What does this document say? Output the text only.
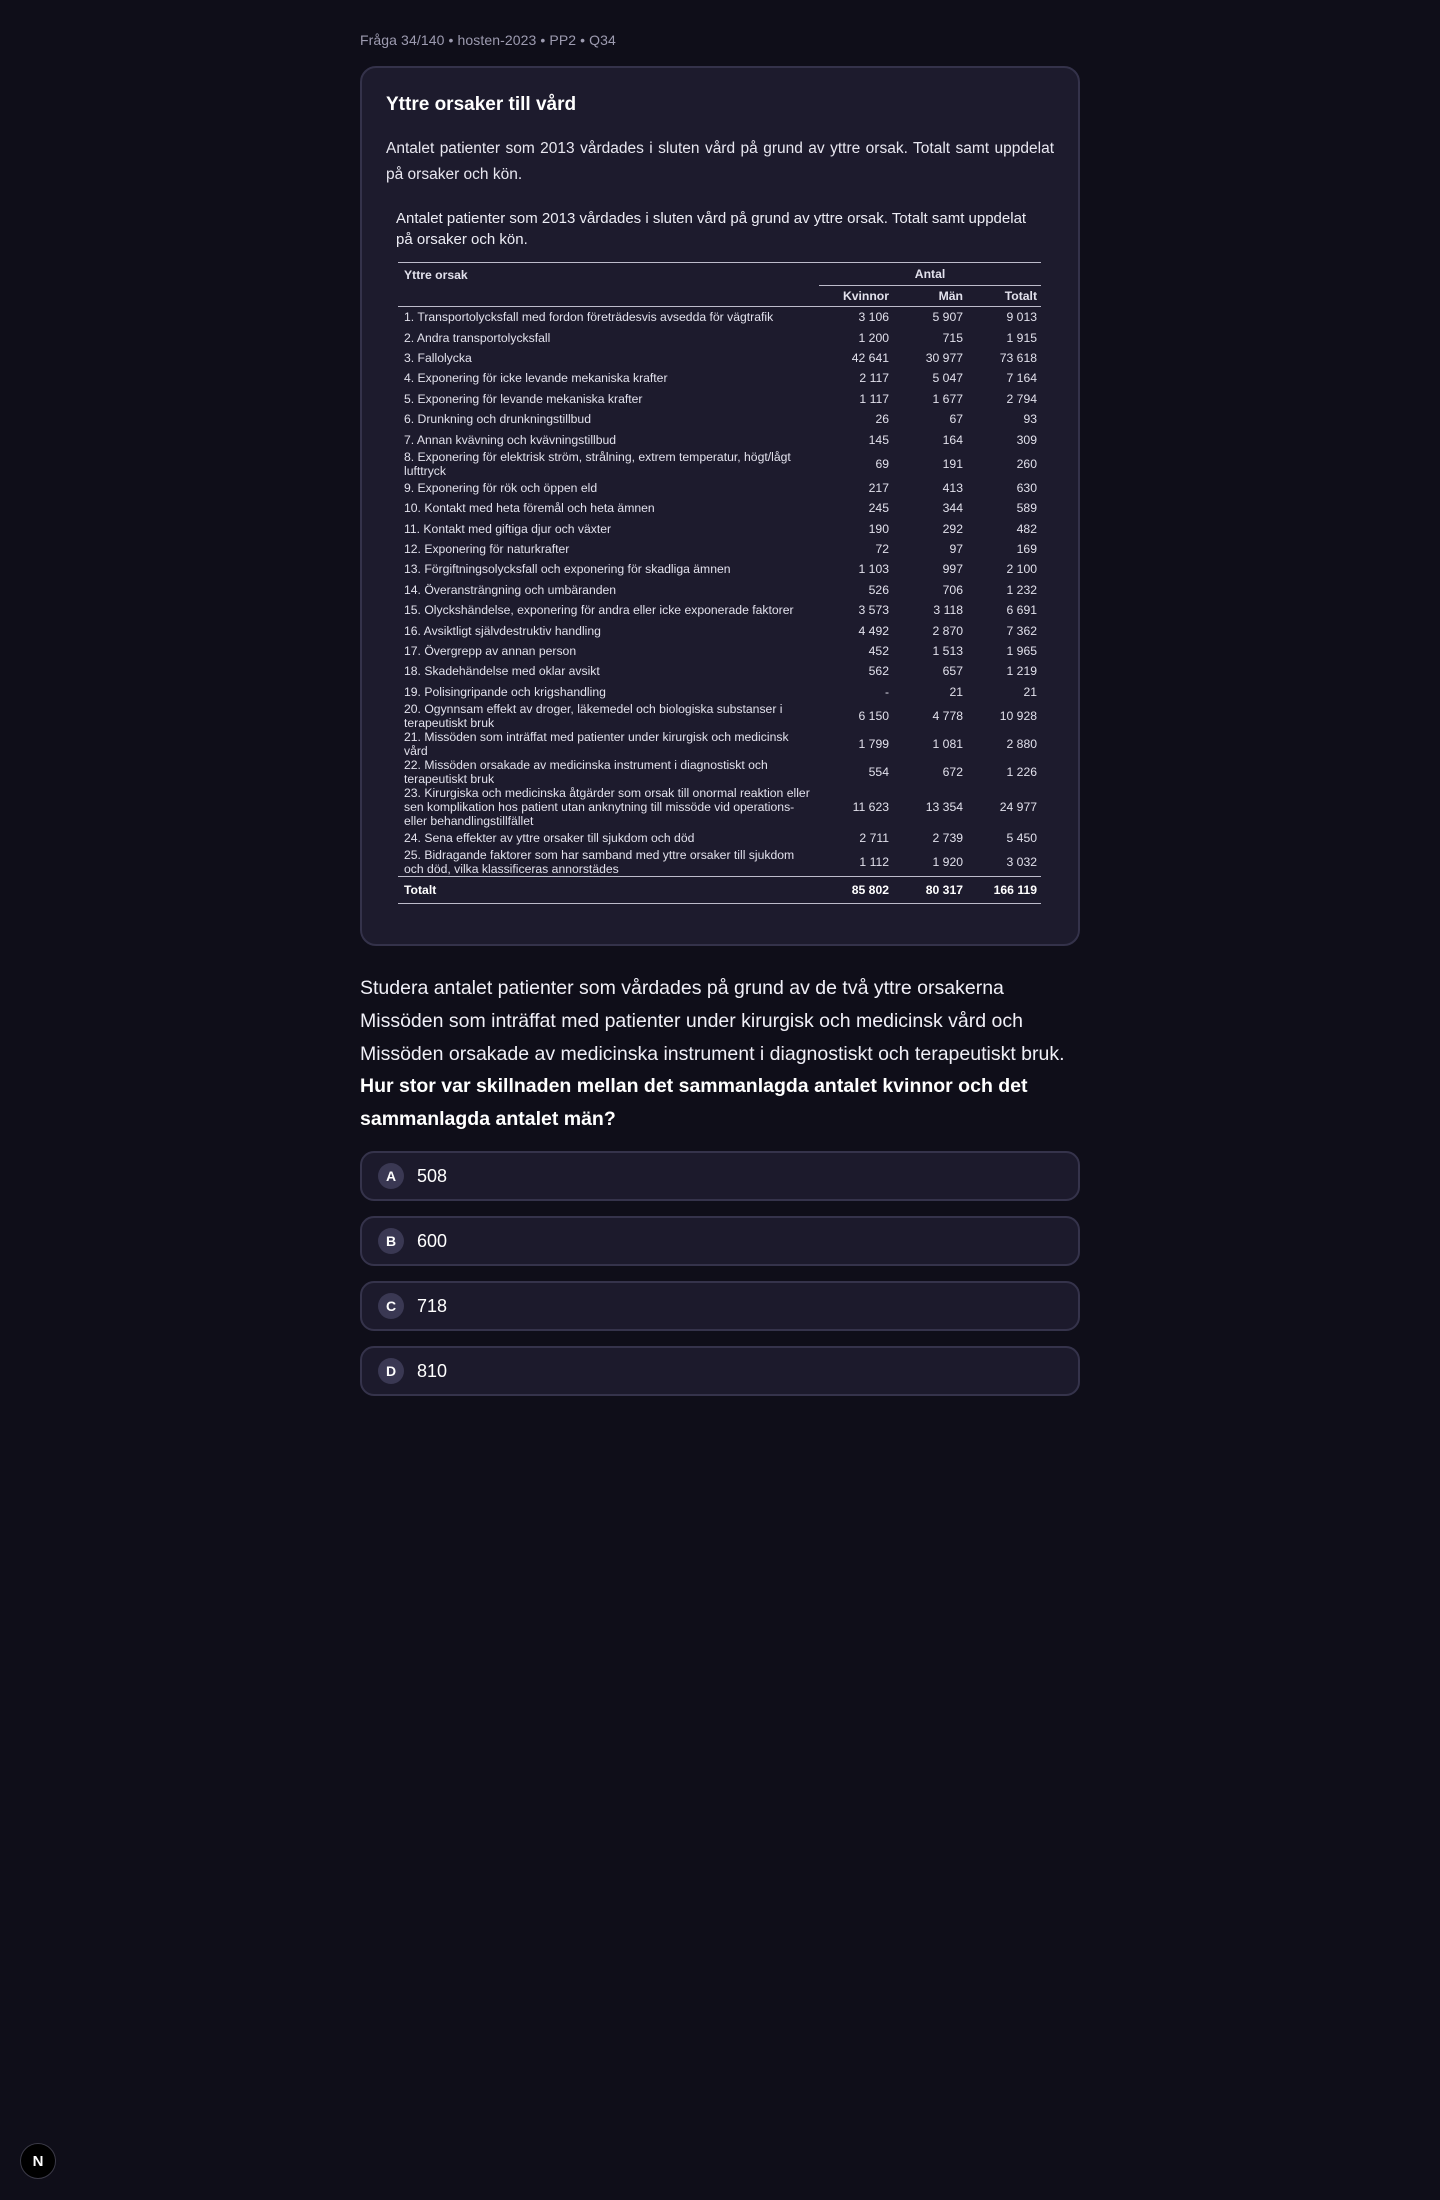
Fråga 34/140 • hosten-2023 • PP2 • Q34
Yttre orsaker till vård

Antalet patienter som 2013 vårdades i sluten vård på grund av yttre orsak. Totalt samt uppdelat på orsaker och kön.

Antalet patienter som 2013 vårdades i sluten vård på grund av yttre orsak. Totalt samt uppdelat på orsaker och kön.

Yttre orsak	Antal		
	Kvinnor	Män	Totalt
1. Transportolycksfall med fordon företrädesvis avsedda för vägtrafik	3 106	5 907	9 013
2. Andra transportolycksfall	1 200	715	1 915
3. Fallolycka	42 641	30 977	73 618
4. Exponering för icke levande mekaniska krafter	2 117	5 047	7 164
5. Exponering för levande mekaniska krafter	1 117	1 677	2 794
6. Drunkning och drunkningstillbud	26	67	93
7. Annan kvävning och kvävningstillbud	145	164	309
8. Exponering för elektrisk ström, strålning, extrem temperatur, högt/lågt lufttryck	69	191	260
9. Exponering för rök och öppen eld	217	413	630
10. Kontakt med heta föremål och heta ämnen	245	344	589
11. Kontakt med giftiga djur och växter	190	292	482
12. Exponering för naturkrafter	72	97	169
13. Förgiftningsolycksfall och exponering för skadliga ämnen	1 103	997	2 100
14. Överansträngning och umbäranden	526	706	1 232
15. Olyckshändelse, exponering för andra eller icke exponerade faktorer	3 573	3 118	6 691
16. Avsiktligt självdestruktiv handling	4 492	2 870	7 362
17. Övergrepp av annan person	452	1 513	1 965
18. Skadehändelse med oklar avsikt	562	657	1 219
19. Polisingripande och krigshandling	-	21	21
20. Ogynnsam effekt av droger, läkemedel och biologiska substanser i terapeutiskt bruk	6 150	4 778	10 928
21. Missöden som inträffat med patienter under kirurgisk och medicinsk vård	1 799	1 081	2 880
22. Missöden orsakade av medicinska instrument i diagnostiskt och terapeutiskt bruk	554	672	1 226
23. Kirurgiska och medicinska åtgärder som orsak till onormal reaktion eller sen komplikation hos patient utan anknytning till missöde vid operations- eller behandlingstillfället	11 623	13 354	24 977
24. Sena effekter av yttre orsaker till sjukdom och död	2 711	2 739	5 450
25. Bidragande faktorer som har samband med yttre orsaker till sjukdom och död, vilka klassificeras annorstädes	1 112	1 920	3 032
Totalt	85 802	80 317	166 119
Studera antalet patienter som vårdades på grund av de två yttre orsakerna Missöden som inträffat med patienter under kirurgisk och medicinsk vård och Missöden orsakade av medicinska instrument i diagnostiskt och terapeutiskt bruk. Hur stor var skillnaden mellan det sammanlagda antalet kvinnor och det sammanlagda antalet män?
A	508
B	600
C	718
D	810
N
